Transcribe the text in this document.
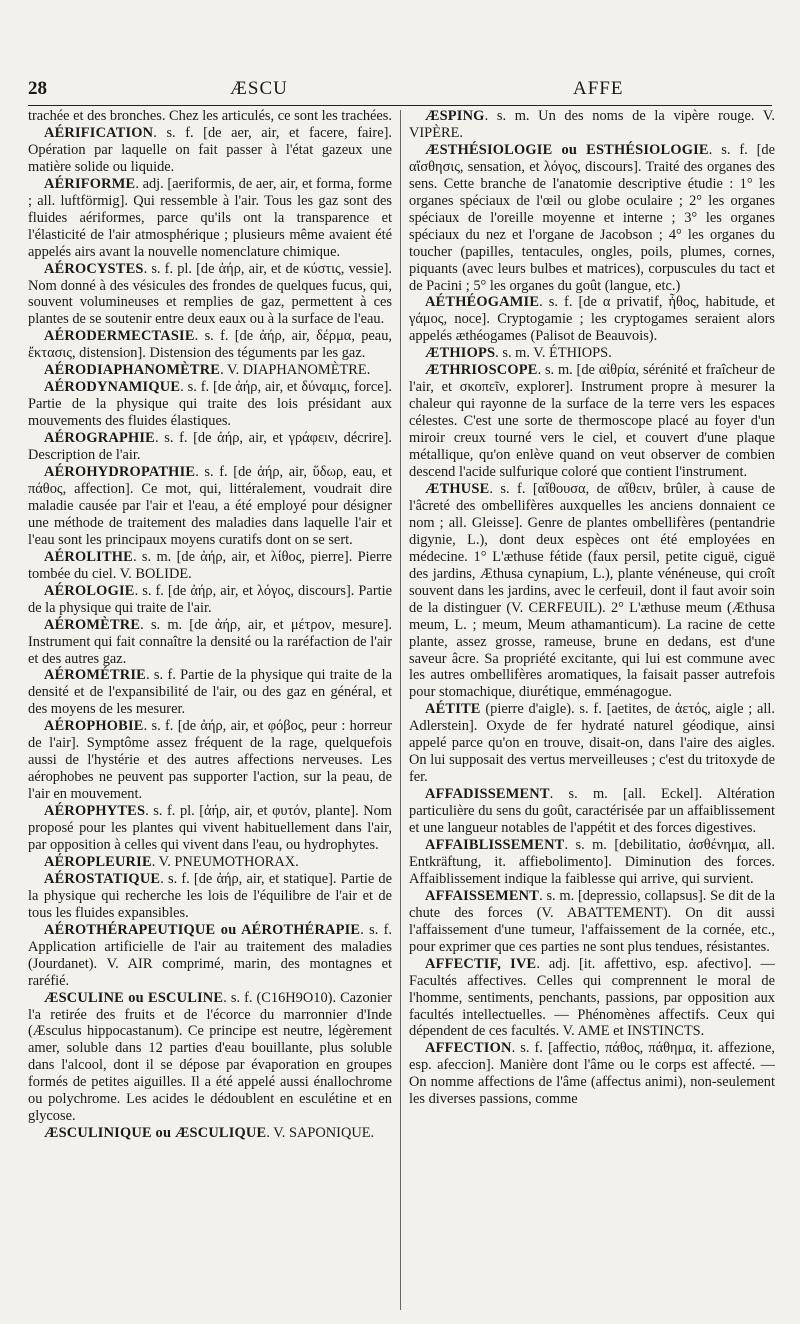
28	ÆSCU	AFFE

trachée et des bronches. Chez les articulés, ce sont les trachées.

AÉRIFICATION. s. f. [de aer, air, et facere, faire]. Opération par laquelle on fait passer à l'état gazeux une matière solide ou liquide.

AÉRIFORME. adj. [aeriformis, de aer, air, et forma, forme ; all. luftförmig]. Qui ressemble à l'air. Tous les gaz sont des fluides aériformes, parce qu'ils ont la transparence et l'élasticité de l'air atmosphérique ; plusieurs même avaient été appelés airs avant la nouvelle nomenclature chimique.

AÉROCYSTES. s. f. pl. [de ἀήρ, air, et de κύστις, vessie]. Nom donné à des vésicules des frondes de quelques fucus, qui, souvent volumineuses et remplies de gaz, permettent à ces plantes de se soutenir entre deux eaux ou à la surface de l'eau.

AÉRODERMECTASIE. s. f. [de ἀήρ, air, δέρμα, peau, ἔκτασις, distension]. Distension des téguments par les gaz.

AÉRODIAPHANOMÈTRE. V. DIAPHANOMÈTRE.

AÉRODYNAMIQUE. s. f. [de ἀήρ, air, et δύναμις, force]. Partie de la physique qui traite des lois présidant aux mouvements des fluides élastiques.

AÉROGRAPHIE. s. f. [de ἀήρ, air, et γράφειν, décrire]. Description de l'air.

AÉROHYDROPATHIE. s. f. [de ἀήρ, air, ὕδωρ, eau, et πάθος, affection]. Ce mot, qui, littéralement, voudrait dire maladie causée par l'air et l'eau, a été employé pour désigner une méthode de traitement des maladies dans laquelle l'air et l'eau sont les principaux moyens curatifs dont on se sert.

AÉROLITHE. s. m. [de ἀήρ, air, et λίθος, pierre]. Pierre tombée du ciel. V. BOLIDE.

AÉROLOGIE. s. f. [de ἀήρ, air, et λόγος, discours]. Partie de la physique qui traite de l'air.

AÉROMÈTRE. s. m. [de ἀήρ, air, et μέτρον, mesure]. Instrument qui fait connaître la densité ou la raréfaction de l'air et des autres gaz.

AÉROMÉTRIE. s. f. Partie de la physique qui traite de la densité et de l'expansibilité de l'air, ou des gaz en général, et des moyens de les mesurer.

AÉROPHOBIE. s. f. [de ἀήρ, air, et φόβος, peur : horreur de l'air]. Symptôme assez fréquent de la rage, quelquefois aussi de l'hystérie et des autres affections nerveuses. Les aérophobes ne peuvent pas supporter l'action, sur la peau, de l'air en mouvement.

AÉROPHYTES. s. f. pl. [ἀήρ, air, et φυτόν, plante]. Nom proposé pour les plantes qui vivent habituellement dans l'air, par opposition à celles qui vivent dans l'eau, ou hydrophytes.

AÉROPLEURIE. V. PNEUMOTHORAX.

AÉROSTATIQUE. s. f. [de ἀήρ, air, et statique]. Partie de la physique qui recherche les lois de l'équilibre de l'air et de tous les fluides expansibles.

AÉROTHÉRAPEUTIQUE ou AÉROTHÉRAPIE. s. f. Application artificielle de l'air au traitement des maladies (Jourdanet). V. AIR comprimé, marin, des montagnes et raréfié.

ÆSCULINE ou ESCULINE. s. f. (C16H9O10). Cazonier l'a retirée des fruits et de l'écorce du marronnier d'Inde (Æsculus hippocastanum). Ce principe est neutre, légèrement amer, soluble dans 12 parties d'eau bouillante, plus soluble dans l'alcool, dont il se dépose par évaporation en groupes formés de petites aiguilles. Il a été appelé aussi énallochrome ou polychrome. Les acides le dédoublent en esculétine et en glycose.

ÆSCULINIQUE ou ÆSCULIQUE. V. SAPONIQUE.

ÆSPING. s. m. Un des noms de la vipère rouge. V. VIPÈRE.

ÆSTHÉSIOLOGIE ou ESTHÉSIOLOGIE. s. f. [de αἴσθησις, sensation, et λόγος, discours]. Traité des organes des sens. Cette branche de l'anatomie descriptive étudie : 1° les organes spéciaux de l'œil ou globe oculaire ; 2° les organes spéciaux de l'oreille moyenne et interne ; 3° les organes spéciaux du nez et l'organe de Jacobson ; 4° les organes du toucher (papilles, tentacules, ongles, poils, plumes, cornes, piquants (avec leurs bulbes et matrices), corpuscules du tact et de Pacini ; 5° les organes du goût (langue, etc.)

AÉTHÉOGAMIE. s. f. [de α privatif, ἦθος, habitude, et γάμος, noce]. Cryptogamie ; les cryptogames seraient alors appelés æthéogames (Palisot de Beauvois).

ÆTHIOPS. s. m. V. ÉTHIOPS.

ÆTHRIOSCOPE. s. m. [de αἰθρία, sérénité et fraîcheur de l'air, et σκοπεῖν, explorer]. Instrument propre à mesurer la chaleur qui rayonne de la surface de la terre vers les espaces célestes. C'est une sorte de thermoscope placé au foyer d'un miroir creux tourné vers le ciel, et couvert d'une plaque métallique, qu'on enlève quand on veut observer de combien descend l'acide sulfurique coloré que contient l'instrument.

ÆTHUSE. s. f. [αἴθουσα, de αἴθειν, brûler, à cause de l'âcreté des ombellifères auxquelles les anciens donnaient ce nom ; all. Gleisse]. Genre de plantes ombellifères (pentandrie digynie, L.), dont deux espèces ont été employées en médecine. 1° L'æthuse fétide (faux persil, petite ciguë, ciguë des jardins, Æthusa cynapium, L.), plante vénéneuse, qui croît souvent dans les jardins, avec le cerfeuil, dont il faut avoir soin de la distinguer (V. CERFEUIL). 2° L'æthuse meum (Æthusa meum, L. ; meum, Meum athamanticum). La racine de cette plante, assez grosse, rameuse, brune en dedans, est d'une saveur âcre. Sa propriété excitante, qui lui est commune avec les autres ombellifères aromatiques, la faisait passer autrefois pour stomachique, diurétique, emménagogue.

AÉTITE (pierre d'aigle). s. f. [aetites, de ἀετός, aigle ; all. Adlerstein]. Oxyde de fer hydraté naturel géodique, ainsi appelé parce qu'on en trouve, disait-on, dans l'aire des aigles. On lui supposait des vertus merveilleuses ; c'est du tritoxyde de fer.

AFFADISSEMENT. s. m. [all. Eckel]. Altération particulière du sens du goût, caractérisée par un affaiblissement et une langueur notables de l'appétit et des forces digestives.

AFFAIBLISSEMENT. s. m. [debilitatio, ἀσθένημα, all. Entkräftung, it. affiebolimento]. Diminution des forces. Affaiblissement indique la faiblesse qui arrive, qui survient.

AFFAISSEMENT. s. m. [depressio, collapsus]. Se dit de la chute des forces (V. ABATTEMENT). On dit aussi l'affaissement d'une tumeur, l'affaissement de la cornée, etc., pour exprimer que ces parties ne sont plus tendues, résistantes.

AFFECTIF, IVE. adj. [it. affettivo, esp. afectivo]. — Facultés affectives. Celles qui comprennent le moral de l'homme, sentiments, penchants, passions, par opposition aux facultés intellectuelles. — Phénomènes affectifs. Ceux qui dépendent de ces facultés. V. AME et INSTINCTS.

AFFECTION. s. f. [affectio, πάθος, πάθημα, it. affezione, esp. afeccion]. Manière dont l'âme ou le corps est affecté. — On nomme affections de l'âme (affectus animi), non-seulement les diverses passions, comme
